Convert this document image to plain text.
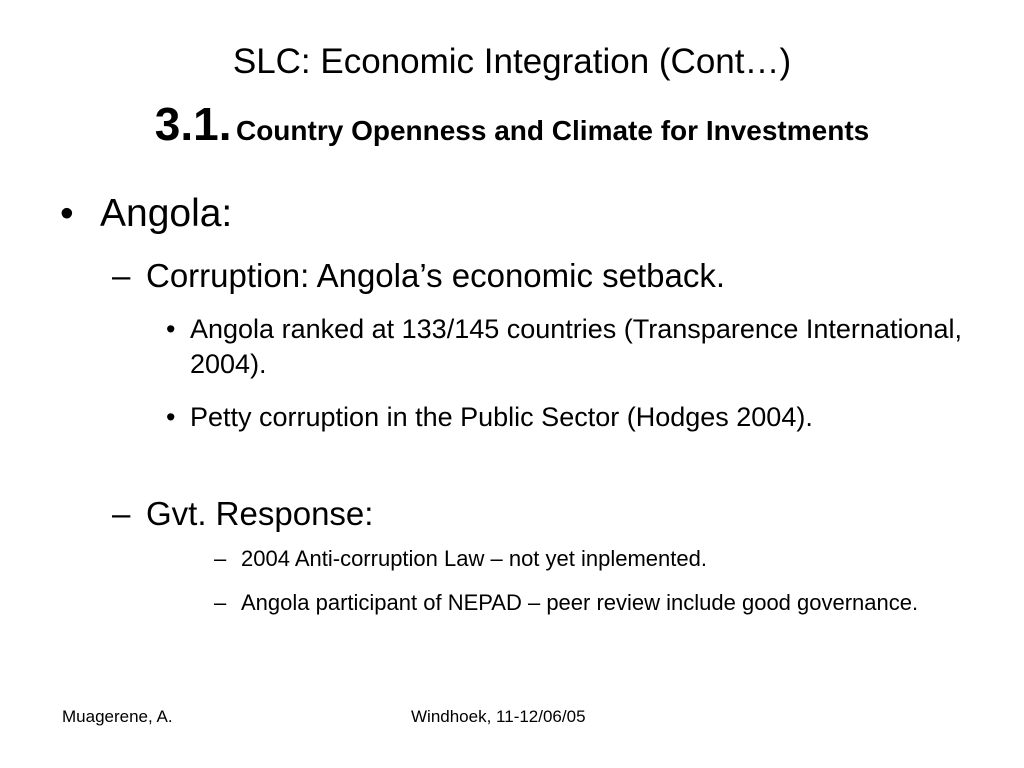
SLC: Economic Integration (Cont…)
3.1. Country Openness and Climate for Investments
• Angola:
– Corruption: Angola’s economic setback.
• Angola ranked at 133/145 countries (Transparence International, 2004).
• Petty corruption in the Public Sector (Hodges 2004).
– Gvt. Response:
– 2004 Anti-corruption Law – not yet inplemented.
– Angola participant of NEPAD – peer review include good governance.
Muagerene, A.	Windhoek, 11-12/06/05
